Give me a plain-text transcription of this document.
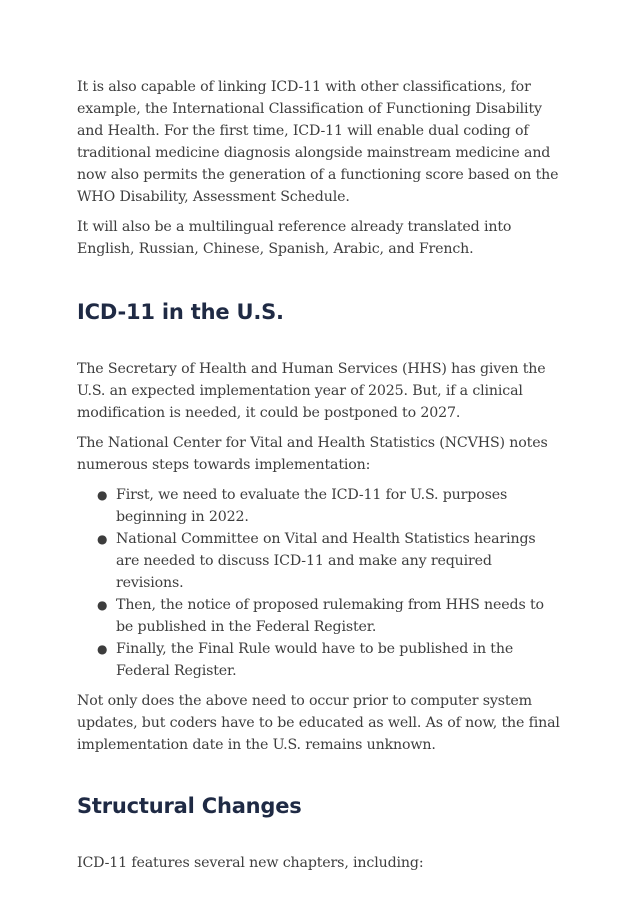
It is also capable of linking ICD-11 with other classifications, for example, the International Classification of Functioning Disability and Health. For the first time, ICD-11 will enable dual coding of traditional medicine diagnosis alongside mainstream medicine and now also permits the generation of a functioning score based on the WHO Disability, Assessment Schedule.

It will also be a multilingual reference already translated into English, Russian, Chinese, Spanish, Arabic, and French.

ICD-11 in the U.S.

The Secretary of Health and Human Services (HHS) has given the U.S. an expected implementation year of 2025. But, if a clinical modification is needed, it could be postponed to 2027.

The National Center for Vital and Health Statistics (NCVHS) notes numerous steps towards implementation:

● First, we need to evaluate the ICD-11 for U.S. purposes beginning in 2022.
● National Committee on Vital and Health Statistics hearings are needed to discuss ICD-11 and make any required revisions.
● Then, the notice of proposed rulemaking from HHS needs to be published in the Federal Register.
● Finally, the Final Rule would have to be published in the Federal Register.

Not only does the above need to occur prior to computer system updates, but coders have to be educated as well. As of now, the final implementation date in the U.S. remains unknown.

Structural Changes

ICD-11 features several new chapters, including:
